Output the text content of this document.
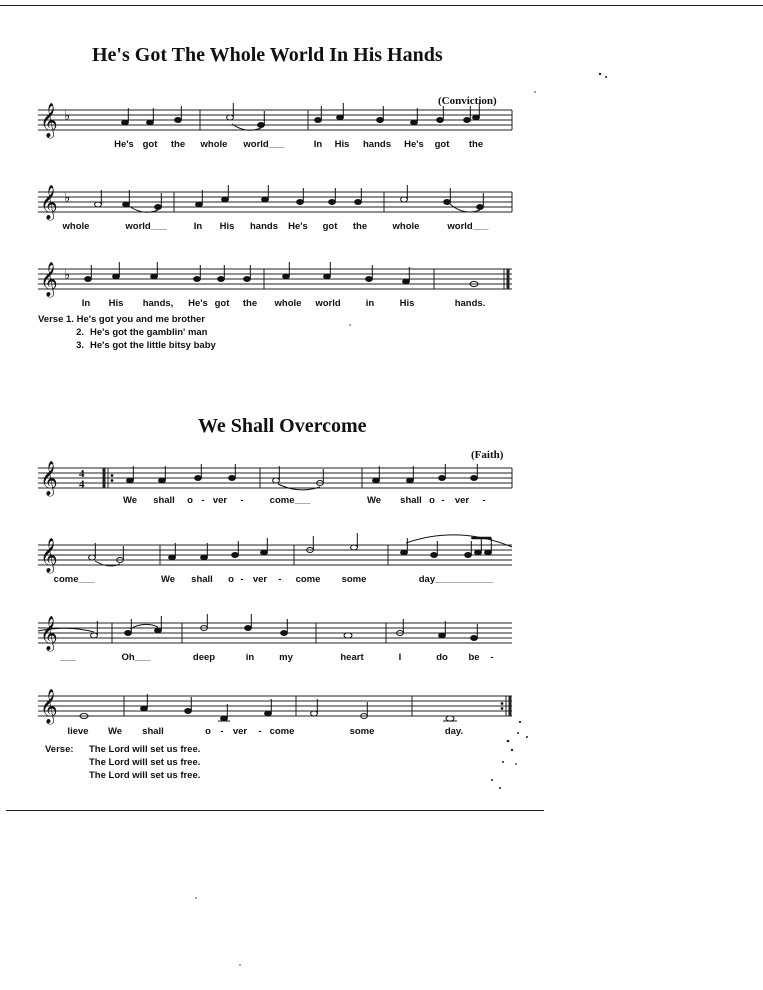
He's Got The Whole World In His Hands
(Conviction)
𝄞 ♭
He's got the whole world___	In His hands He's got the
𝄞 ♭
whole	world___	In His hands He's got the	whole	world___
𝄞 ♭
In His hands, He's got the whole world	in	His	hands.
Verse 1. He's got you and me brother
2. He's got the gamblin' man
3. He's got the little bitsy baby
We Shall Overcome
(Faith)
𝄞 4
4
We shall o - ver -	come___	We shall o - ver -
𝄞
come___	We shall o - ver - come some	day___________
𝄞
___	Oh___	deep	in	my	heart	I	do be -
𝄞
lieve We shall	o - ver - come	some	day.
Verse: The Lord will set us free.
The Lord will set us free.
The Lord will set us free.
